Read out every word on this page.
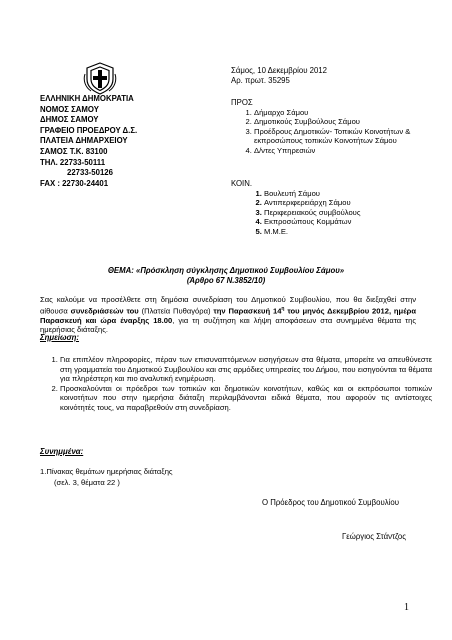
ΕΛΛΗΝΙΚΗ ΔΗΜΟΚΡΑΤΙΑ
ΝΟΜΟΣ ΣΑΜΟΥ
ΔΗΜΟΣ ΣΑΜΟΥ
ΓΡΑΦΕΙΟ ΠΡΟΕΔΡΟΥ Δ.Σ.
ΠΛΑΤΕΙΑ ΔΗΜΑΡΧΕΙΟΥ
ΣΑΜΟΣ Τ.Κ. 83100
ΤΗΛ. 22733-50111
22733-50126
FAX : 22730-24401
Σάμος, 10 Δεκεμβρίου 2012
Αρ. πρωτ. 35295
ΠΡΟΣ
1. Δήμαρχο Σάμου
2. Δημοτικούς Συμβούλους Σάμου
3. Προέδρους Δημοτικών- Τοπικών Κοινοτήτων & εκπροσώπους τοπικών Κοινοτήτων Σάμου
4. Δ/ντες Υπηρεσιών
ΚΟΙΝ.
1. Βουλευτή Σάμου
2. Αντιπεριφερειάρχη Σάμου
3. Περιφερειακούς συμβούλους
4. Εκπροσώπους Κομμάτων
5. Μ.Μ.Ε.
ΘΕΜΑ: «Πρόσκληση σύγκλησης Δημοτικού Συμβουλίου Σάμου»
(Άρθρο 67 Ν.3852/10)
Σας καλούμε να προσέλθετε στη δημόσια συνεδρίαση του Δημοτικού Συμβουλίου, που θα διεξαχθεί στην αίθουσα συνεδριάσεών του (Πλατεία Πυθαγόρα) την Παρασκευή $14^\eta$ του μηνός Δεκεμβρίου 2012, ημέρα Παρασκευή και ώρα έναρξης 18.00, για τη συζήτηση και λήψη αποφάσεων στα συνημμένα θέματα της ημερήσιας διάταξης.
Σημείωση:
1. Για επιπλέον πληροφορίες, πέραν των επισυναπτόμενων εισηγήσεων στα θέματα, μπορείτε να απευθύνεστε στη γραμματεία του Δημοτικού Συμβουλίου και στις αρμόδιες υπηρεσίες του Δήμου, που εισηγούνται τα θέματα για πληρέστερη και πιο αναλυτική ενημέρωση.
2. Προσκαλούνται οι πρόεδροι των τοπικών και δημοτικών κοινοτήτων, καθώς και οι εκπρόσωποι τοπικών κοινοτήτων που στην ημερήσια διάταξη περιλαμβάνονται ειδικά θέματα, που αφορούν τις αντίστοιχες κοινότητές τους, να παραβρεθούν στη συνεδρίαση.
Συνημμένα:
1.Πίνακας θεμάτων ημερήσιας διάταξης
(σελ. 3, θέματα 22 )
Ο Πρόεδρος του Δημοτικού Συμβουλίου
Γεώργιος Στάντζος
1
